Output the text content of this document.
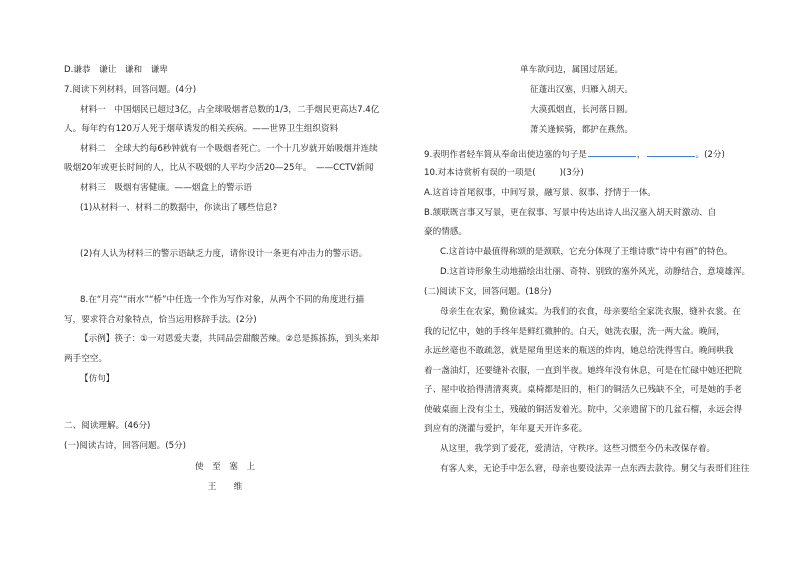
D.谦恭　谦让　谦和　谦卑
7.阅读下列材料，回答问题。(4分)
材料一　中国烟民已超过3亿，占全球吸烟者总数的1/3，二手烟民更高达7.4亿
人。每年约有120万人死于烟草诱发的相关疾病。——世界卫生组织资料
材料二　全球大约每6秒钟就有一个吸烟者死亡。一个十几岁就开始吸烟并连续
吸烟20年或更长时间的人，比从不吸烟的人平均少活20—25年。　——CCTV新闻
材料三　吸烟有害健康。——烟盒上的警示语
(1)从材料一、材料二的数据中，你读出了哪些信息?
(2)有人认为材料三的警示语缺乏力度，请你设计一条更有冲击力的警示语。
8.在“月亮”“雨水”“桥”中任选一个作为写作对象，从两个不同的角度进行描
写，要求符合对象特点，恰当运用修辞手法。(2分)
【示例】筷子：①一对恩爱夫妻，共同品尝甜酸苦辣。②总是拣拣拣，到头来却
两手空空。
【仿句】
二、阅读理解。(46分)
(一)阅读古诗，回答问题。(5分)
使　至　塞　上
王　　维
单车欲问边，属国过居延。
征蓬出汉塞，归雁入胡天。
大漠孤烟直，长河落日圆。
萧关逢候骑，都护在燕然。
9.表明作者轻车简从奉命出使边塞的句子是	，	。(2分)
10.对本诗赏析有误的一项是(	)(3分)
A.这首诗首尾叙事，中间写景，融写景、叙事、抒情于一体。
B.颔联既言事又写景，更在叙事、写景中传达出诗人出汉塞入胡天时激动、自
豪的情感。
C.这首诗中最值得称颂的是颈联，它充分体现了王维诗歌“诗中有画”的特色。
D.这首诗形象生动地描绘出壮丽、奇特、别致的塞外风光，动静结合，意境雄浑。
(二)阅读下文，回答问题。(18分)
母亲生在农家，勤俭诚实。为我们的衣食，母亲要给全家洗衣服，缝补衣裳。在
我的记忆中，她的手终年是鲜红微肿的。白天，她洗衣服，洗一两大盆。晚间，
永远丝毫也不敢疏忽，就是屋角里送来的瓶送的炸肉，她总给洗得雪白。晚间哄我
着一盏油灯，还要缝补衣服，一直到半夜。她终年没有休息，可是在忙碌中她还把院
子、屋中收拾得清清爽爽。桌椅都是旧的，柜门的铜活久已残缺不全，可是她的手老
使破桌面上没有尘土，残破的铜活发着光。院中，父亲遗留下的几盆石榴，永远会得
到应有的浇灌与爱护，年年夏天开许多花。
从这里，我学到了爱花，爱清洁，守秩序。这些习惯至今仍未改保存着。
有客人来，无论手中怎么窘，母亲也要设法弄一点东西去款待。舅父与表哥们往往
